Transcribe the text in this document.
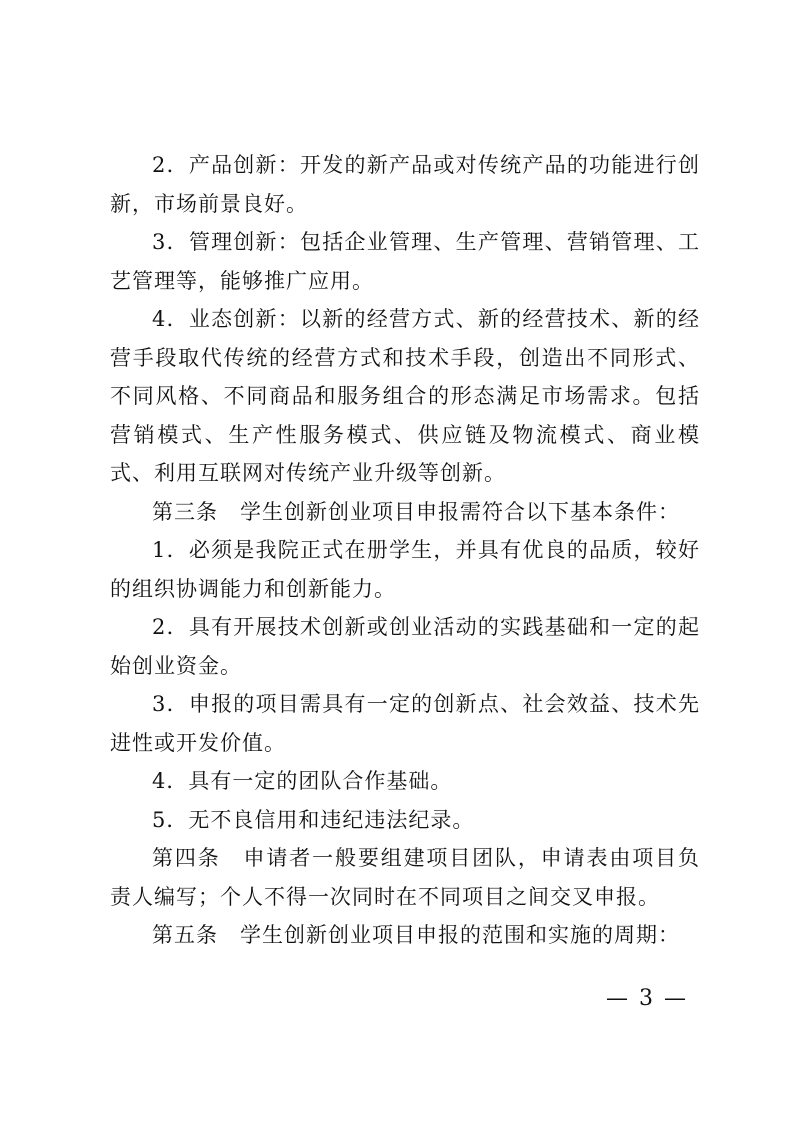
2．产品创新：开发的新产品或对传统产品的功能进行创新，市场前景良好。

3．管理创新：包括企业管理、生产管理、营销管理、工艺管理等，能够推广应用。

4．业态创新：以新的经营方式、新的经营技术、新的经营手段取代传统的经营方式和技术手段，创造出不同形式、不同风格、不同商品和服务组合的形态满足市场需求。包括营销模式、生产性服务模式、供应链及物流模式、商业模式、利用互联网对传统产业升级等创新。

第三条　学生创新创业项目申报需符合以下基本条件：

1．必须是我院正式在册学生，并具有优良的品质，较好的组织协调能力和创新能力。

2．具有开展技术创新或创业活动的实践基础和一定的起始创业资金。

3．申报的项目需具有一定的创新点、社会效益、技术先进性或开发价值。

4．具有一定的团队合作基础。

5．无不良信用和违纪违法纪录。

第四条　申请者一般要组建项目团队，申请表由项目负责人编写；个人不得一次同时在不同项目之间交叉申报。

第五条　学生创新创业项目申报的范围和实施的周期：

— 3 —
